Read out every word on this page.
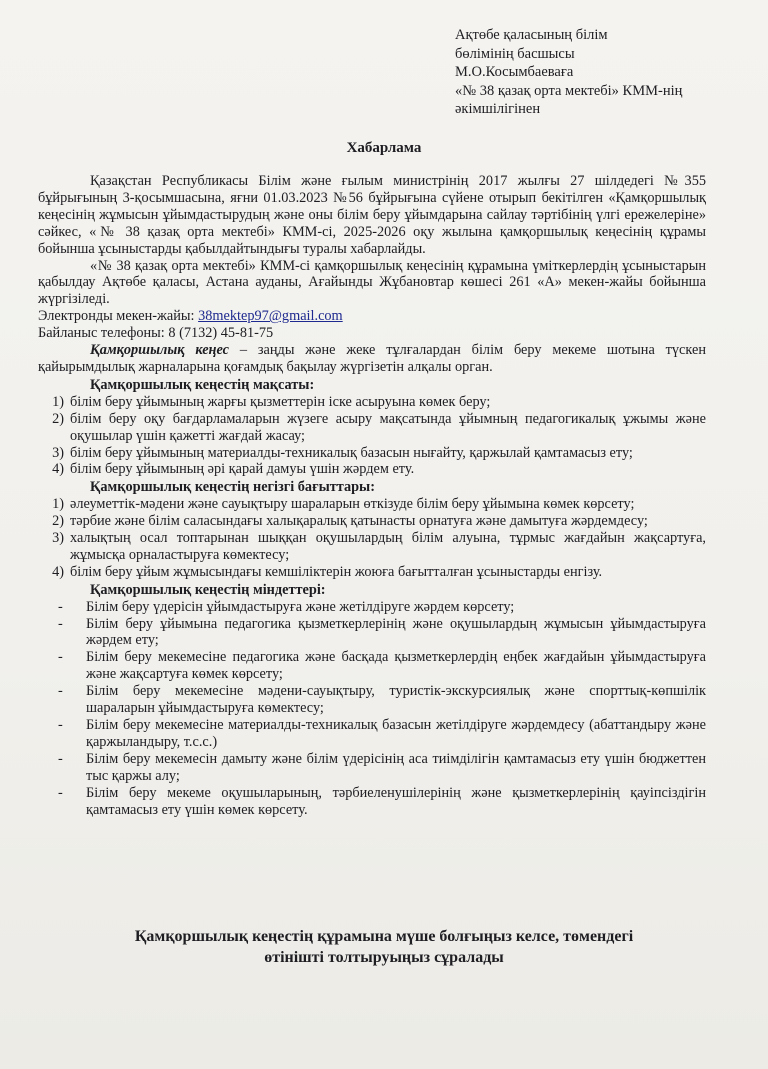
Ақтөбе қаласының білім
бөлімінің басшысы
М.О.Косымбаеваға
«№ 38 қазақ орта мектебі» КММ-нің
әкімшілігінен
Хабарлама

Қазақстан Республикасы Білім және ғылым министрінің 2017 жылғы 27 шілдедегі №355 бұйрығының 3-қосымшасына, яғни 01.03.2023 №56 бұйрығына сүйене отырып бекітілген «Қамқоршылық кеңесінің жұмысын ұйымдастырудың және оны білім беру ұйымдарына сайлау тәртібінің үлгі ережелеріне» сәйкес, «№ 38 қазақ орта мектебі» КММ-сі, 2025-2026 оқу жылына қамқоршылық кеңесінің құрамы бойынша ұсыныстарды қабылдайтындығы туралы хабарлайды.

«№ 38 қазақ орта мектебі» КММ-сі қамқоршылық кеңесінің құрамына үміткерлердің ұсыныстарын қабылдау Ақтөбе қаласы, Астана ауданы, Ағайынды Жұбановтар көшесі 261 «А» мекен-жайы бойынша жүргізіледі.

Электронды мекен-жайы: 38mektep97@gmail.com

Байланыс телефоны: 8 (7132) 45-81-75

Қамқоршылық кеңес – заңды және жеке тұлғалардан білім беру мекеме шотына түскен қайырымдылық жарналарына қоғамдық бақылау жүргізетін алқалы орган.

Қамқоршылық кеңестің мақсаты:
1) білім беру ұйымының жарғы қызметтерін іске асыруына көмек беру;
2) білім беру оқу бағдарламаларын жүзеге асыру мақсатында ұйымның педагогикалық ұжымы және оқушылар үшін қажетті жағдай жасау;
3) білім беру ұйымының материалды-техникалық базасын нығайту, қаржылай қамтамасыз ету;
4) білім беру ұйымының әрі қарай дамуы үшін жәрдем ету.
Қамқоршылық кеңестің негізгі бағыттары:
1) әлеуметтік-мәдени және сауықтыру шараларын өткізуде білім беру ұйымына көмек көрсету;
2) тәрбие және білім саласындағы халықаралық қатынасты орнатуға және дамытуға жәрдемдесу;
3) халықтың осал топтарынан шыққан оқушылардың білім алуына, тұрмыс жағдайын жақсартуға, жұмысқа орналастыруға көмектесу;
4) білім беру ұйым жұмысындағы кемшіліктерін жоюға бағытталған ұсыныстарды енгізу.
Қамқоршылық кеңестің міндеттері:
-	Білім беру үдерісін ұйымдастыруға және жетілдіруге жәрдем көрсету;
-	Білім беру ұйымына педагогика қызметкерлерінің және оқушылардың жұмысын ұйымдастыруға жәрдем ету;
-	Білім беру мекемесіне педагогика және басқада қызметкерлердің еңбек жағдайын ұйымдастыруға және жақсартуға көмек көрсету;
-	Білім беру мекемесіне мәдени-сауықтыру, туристік-экскурсиялық және спорттық-көпшілік шараларын ұйымдастыруға көмектесу;
-	Білім беру мекемесіне материалды-техникалық базасын жетілдіруге жәрдемдесу (абаттандыру және қаржыландыру, т.с.с.)
-	Білім беру мекемесін дамыту және білім үдерісінің аса тиімділігін қамтамасыз ету үшін бюджеттен тыс қаржы алу;
-	Білім беру мекеме оқушыларының, тәрбиеленушілерінің және қызметкерлерінің қауіпсіздігін қамтамасыз ету үшін көмек көрсету.
Қамқоршылық кеңестің құрамына мүше болғыңыз келсе, төмендегі
өтінішті толтыруыңыз сұралады
